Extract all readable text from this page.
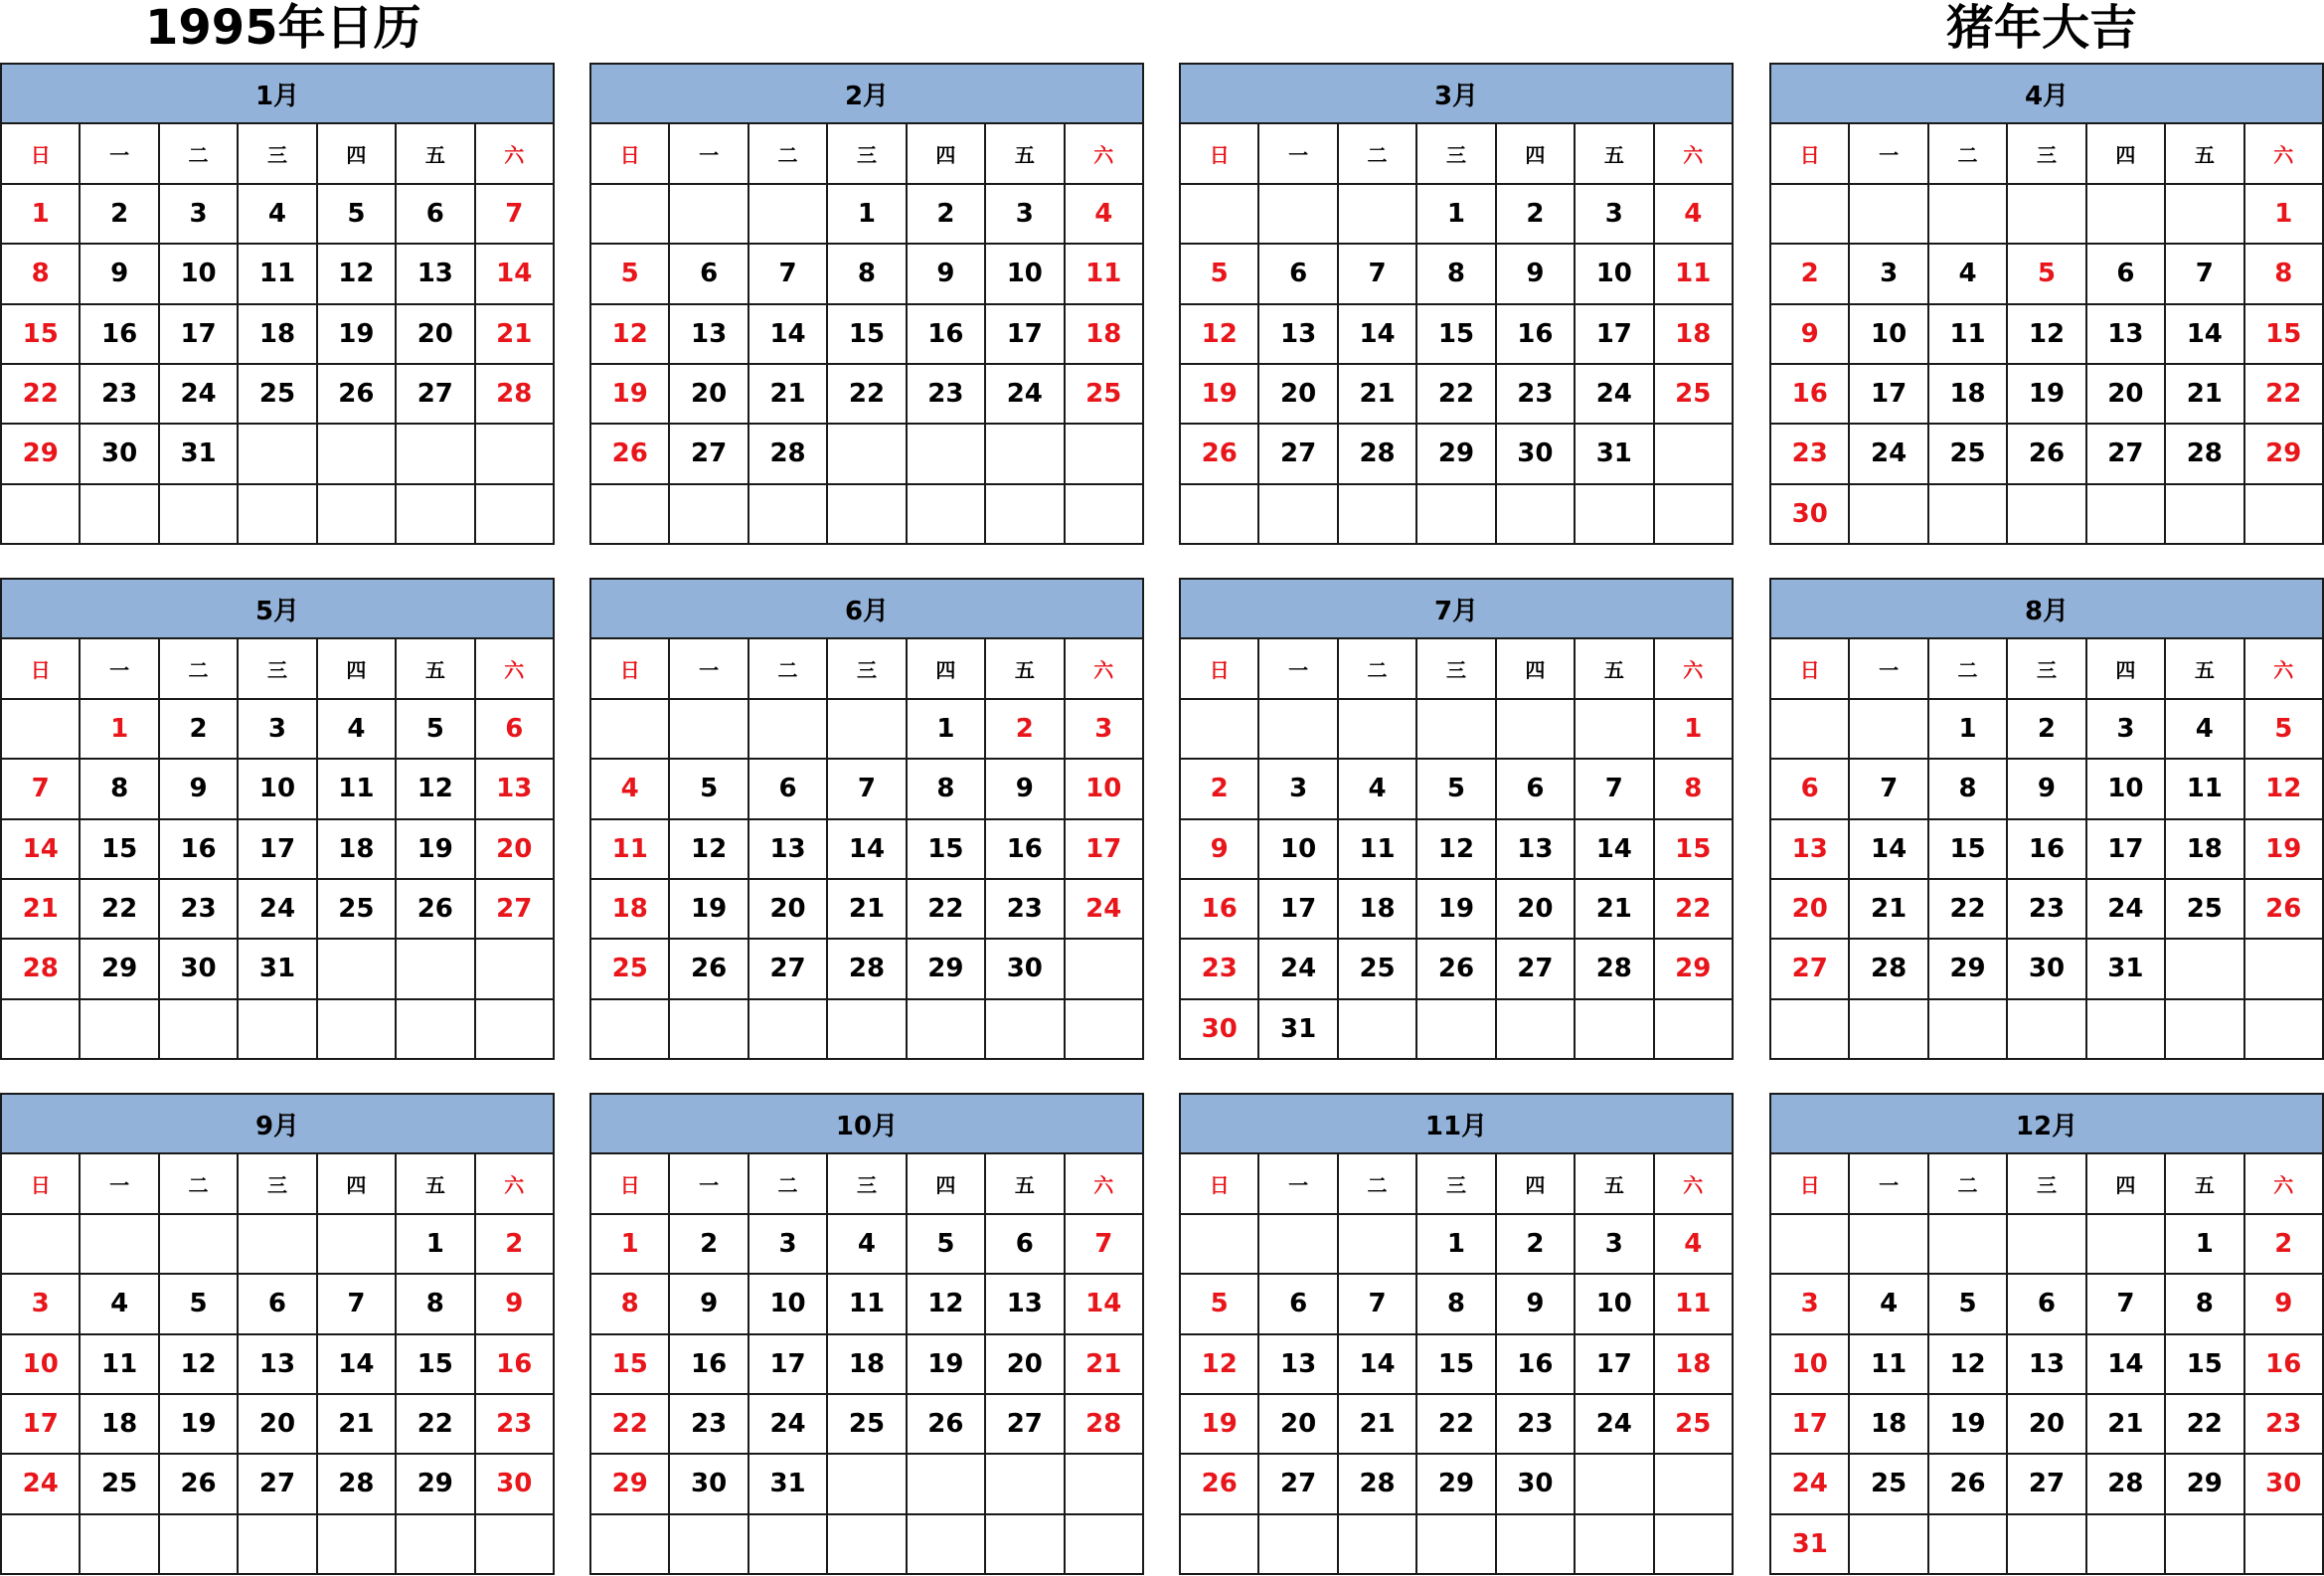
1995年日历	猪年大吉
1月						
日	一	二	三	四	五	六
1	2	3	4	5	6	7
8	9	10	11	12	13	14
15	16	17	18	19	20	21
22	23	24	25	26	27	28
29	30	31				

2月						
日	一	二	三	四	五	六
			1	2	3	4
5	6	7	8	9	10	11
12	13	14	15	16	17	18
19	20	21	22	23	24	25
26	27	28				

3月						
日	一	二	三	四	五	六
			1	2	3	4
5	6	7	8	9	10	11
12	13	14	15	16	17	18
19	20	21	22	23	24	25
26	27	28	29	30	31	

4月						
日	一	二	三	四	五	六
						1
2	3	4	5	6	7	8
9	10	11	12	13	14	15
16	17	18	19	20	21	22
23	24	25	26	27	28	29
30						
5月						
日	一	二	三	四	五	六
	1	2	3	4	5	6
7	8	9	10	11	12	13
14	15	16	17	18	19	20
21	22	23	24	25	26	27
28	29	30	31			

6月						
日	一	二	三	四	五	六
				1	2	3
4	5	6	7	8	9	10
11	12	13	14	15	16	17
18	19	20	21	22	23	24
25	26	27	28	29	30	

7月						
日	一	二	三	四	五	六
						1
2	3	4	5	6	7	8
9	10	11	12	13	14	15
16	17	18	19	20	21	22
23	24	25	26	27	28	29
30	31					
8月						
日	一	二	三	四	五	六
		1	2	3	4	5
6	7	8	9	10	11	12
13	14	15	16	17	18	19
20	21	22	23	24	25	26
27	28	29	30	31		

9月						
日	一	二	三	四	五	六
					1	2
3	4	5	6	7	8	9
10	11	12	13	14	15	16
17	18	19	20	21	22	23
24	25	26	27	28	29	30

10月						
日	一	二	三	四	五	六
1	2	3	4	5	6	7
8	9	10	11	12	13	14
15	16	17	18	19	20	21
22	23	24	25	26	27	28
29	30	31				

11月						
日	一	二	三	四	五	六
			1	2	3	4
5	6	7	8	9	10	11
12	13	14	15	16	17	18
19	20	21	22	23	24	25
26	27	28	29	30		

12月						
日	一	二	三	四	五	六
					1	2
3	4	5	6	7	8	9
10	11	12	13	14	15	16
17	18	19	20	21	22	23
24	25	26	27	28	29	30
31						
